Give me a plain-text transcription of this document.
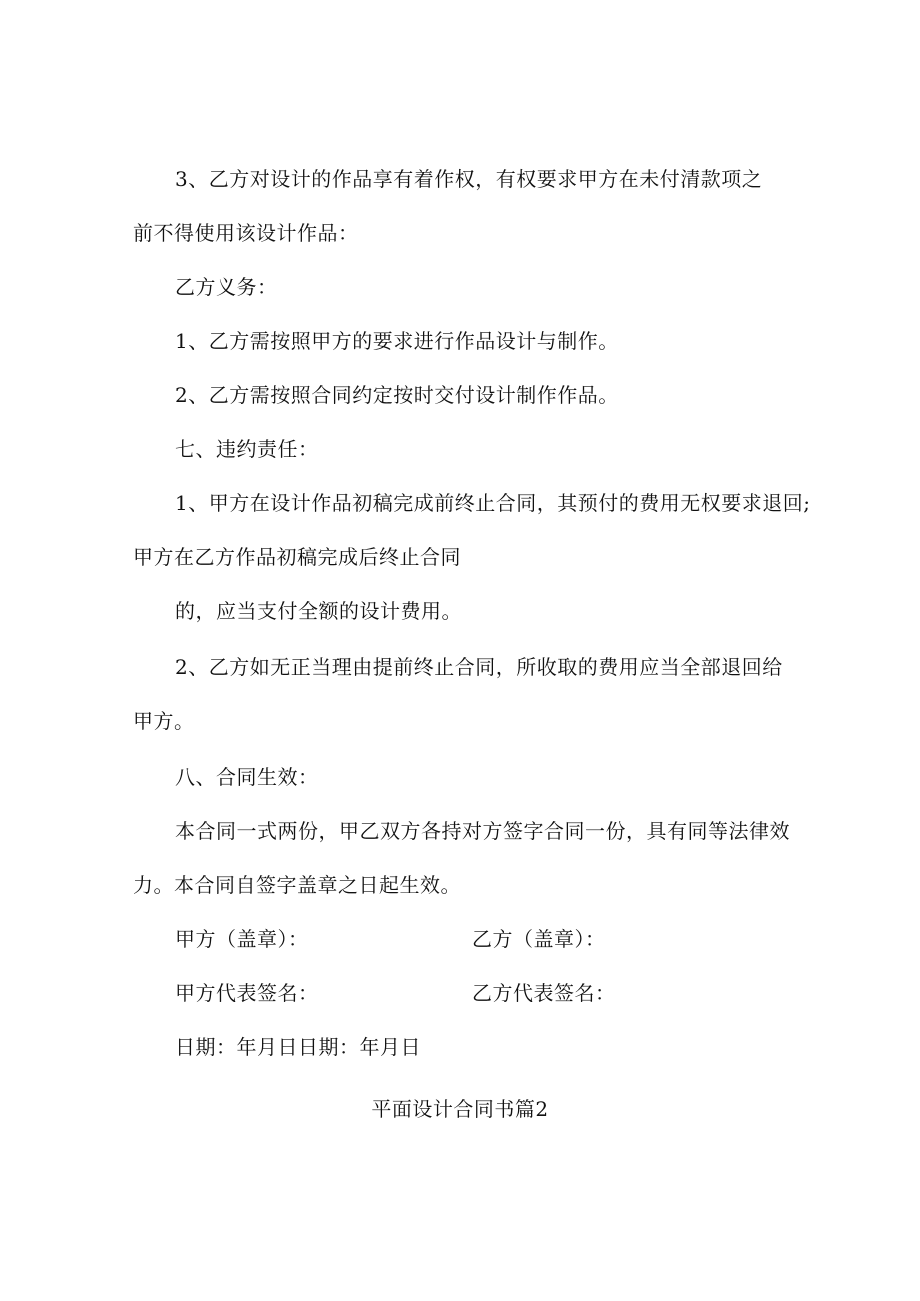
3、乙方对设计的作品享有着作权，有权要求甲方在未付清款项之
前不得使用该设计作品：
乙方义务：
1、乙方需按照甲方的要求进行作品设计与制作。
2、乙方需按照合同约定按时交付设计制作作品。
七、违约责任：
1、甲方在设计作品初稿完成前终止合同，其预付的费用无权要求退回;
甲方在乙方作品初稿完成后终止合同
的，应当支付全额的设计费用。
2、乙方如无正当理由提前终止合同，所收取的费用应当全部退回给
甲方。
八、合同生效：
本合同一式两份，甲乙双方各持对方签字合同一份，具有同等法律效
力。本合同自签字盖章之日起生效。
甲方（盖章）：	乙方（盖章）：
甲方代表签名：	乙方代表签名：
日期：年月日日期：年月日
平面设计合同书篇2
